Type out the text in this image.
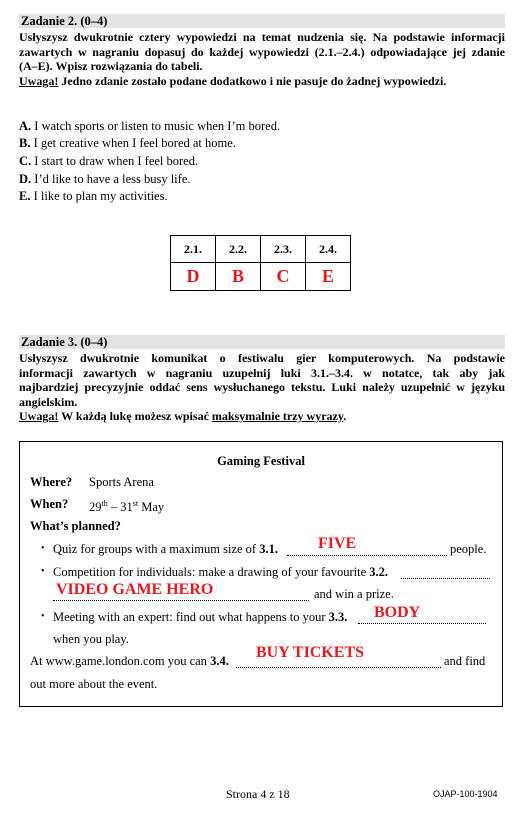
Zadanie 2. (0–4)
Usłyszysz dwukrotnie cztery wypowiedzi na temat nudzenia się. Na podstawie informacji
zawartych w nagraniu dopasuj do każdej wypowiedzi (2.1.–2.4.) odpowiadające jej zdanie
(A–E). Wpisz rozwiązania do tabeli.
Uwaga! Jedno zdanie zostało podane dodatkowo i nie pasuje do żadnej wypowiedzi.
A. I watch sports or listen to music when I’m bored.
B. I get creative when I feel bored at home.
C. I start to draw when I feel bored.
D. I’d like to have a less busy life.
E. I like to plan my activities.
2.1.	2.2.	2.3.	2.4.
D	B	C	E
Zadanie 3. (0–4)
Usłyszysz dwukrotnie komunikat o festiwalu gier komputerowych. Na podstawie
informacji zawartych w nagraniu uzupełnij luki 3.1.–3.4. w notatce, tak aby jak
najbardziej precyzyjnie oddać sens wysłuchanego tekstu. Luki należy uzupełnić w języku
angielskim.
Uwaga! W każdą lukę możesz wpisać maksymalnie trzy wyrazy.
Gaming Festival
Where? Sports Arena
When? 29th – 31st May
What’s planned?
• Quiz for groups with a maximum size of 3.1.	FIVE	people.
• Competition for individuals: make a drawing of your favourite 3.2.
VIDEO GAME HERO	and win a prize.
• Meeting with an expert: find out what happens to your 3.3. BODY
when you play.
At www.game.london.com you can 3.4. BUY TICKETS	and find
out more about the event.
Strona 4 z 18	OJAP-100-1904
